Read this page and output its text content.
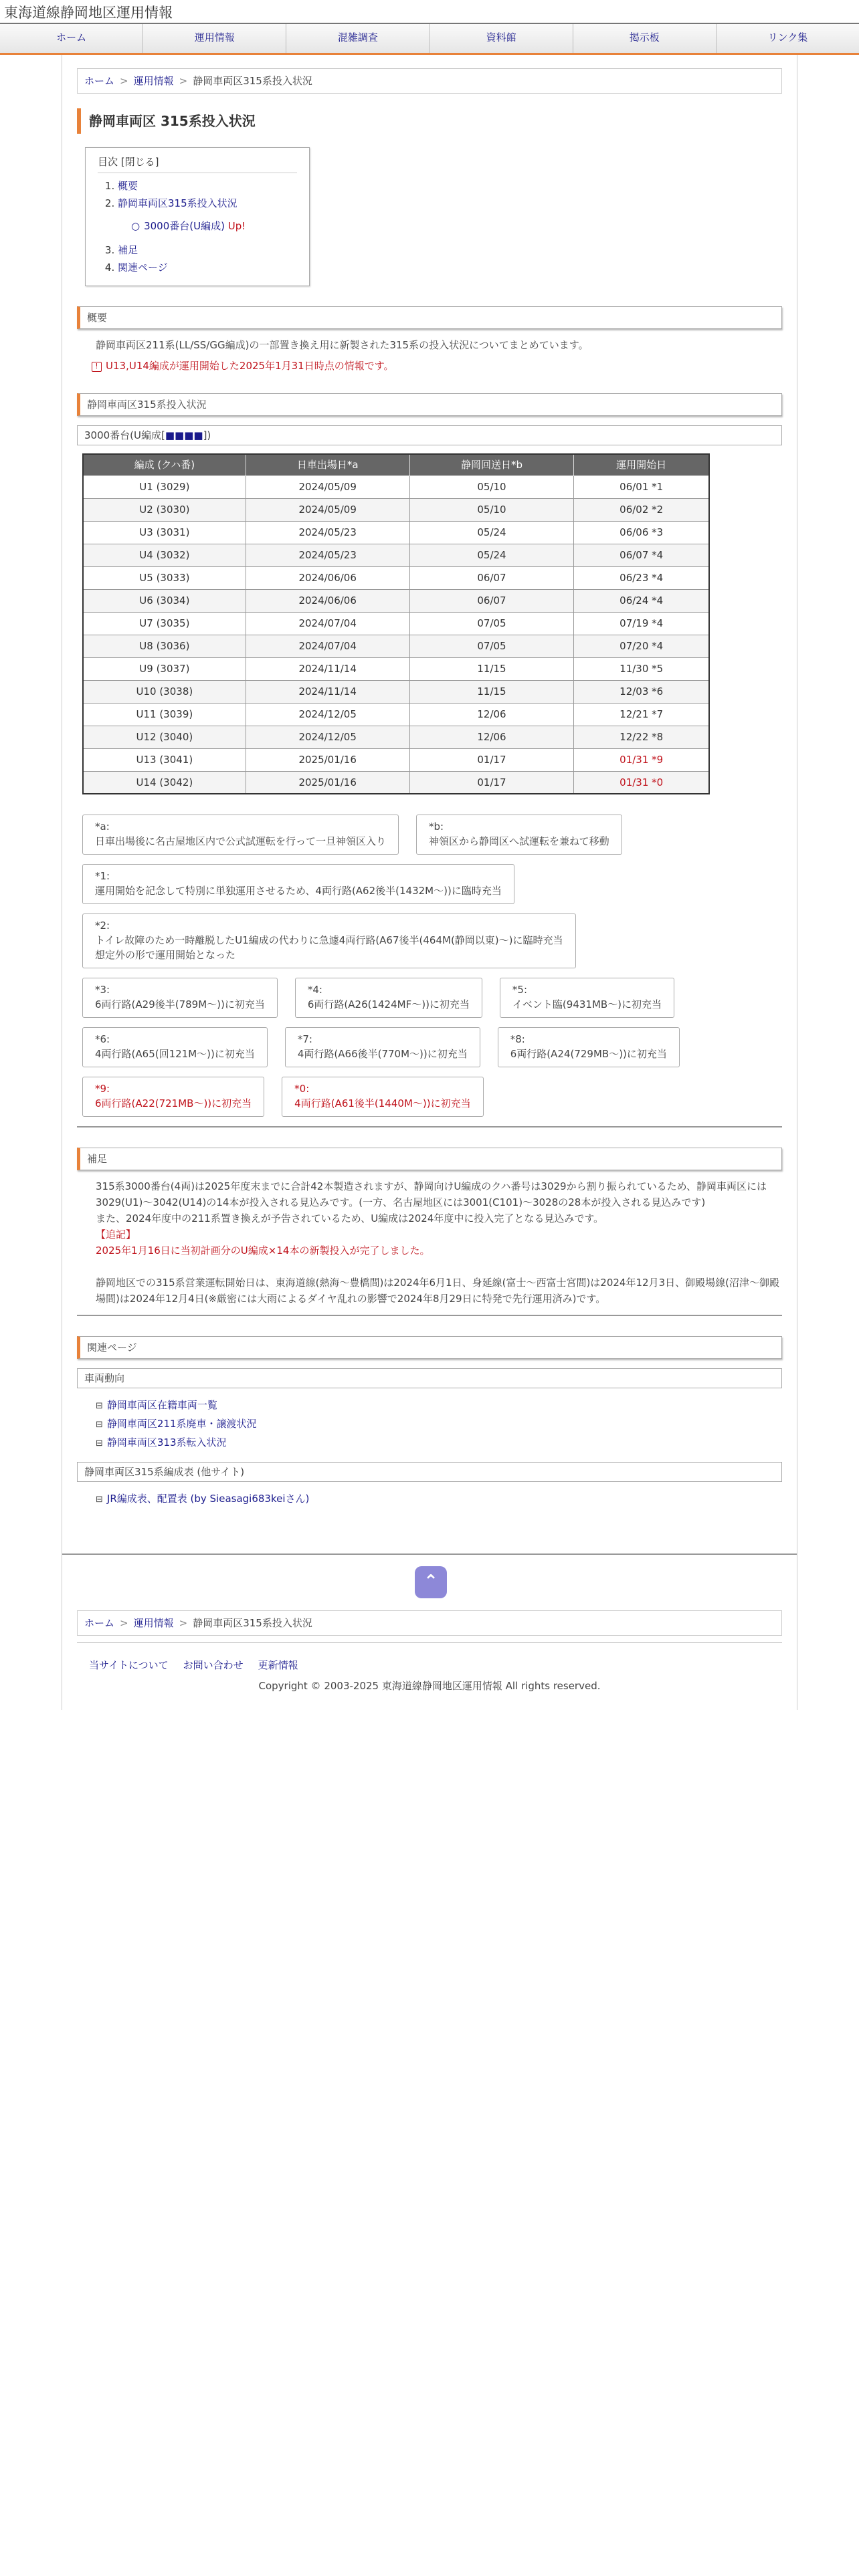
東海道線静岡地区運用情報
ホーム	運用情報	混雑調査	資料館	掲示板	リンク集
ホーム > 運用情報 > 静岡車両区315系投入状況
静岡車両区 315系投入状況
目次 [閉じる]
1. 概要
2. 静岡車両区315系投入状況
○ 3000番台(U編成) Up!
3. 補足
4. 関連ページ
概要
静岡車両区211系(LL/SS/GG編成)の一部置き換え用に新製された315系の投入状況についてまとめています。
! U13,U14編成が運用開始した2025年1月31日時点の情報です。
静岡車両区315系投入状況
3000番台(U編成[■■■■])
編成 (クハ番)	日車出場日*a	静岡回送日*b	運用開始日
U1 (3029)	2024/05/09	05/10	06/01 *1
U2 (3030)	2024/05/09	05/10	06/02 *2
U3 (3031)	2024/05/23	05/24	06/06 *3
U4 (3032)	2024/05/23	05/24	06/07 *4
U5 (3033)	2024/06/06	06/07	06/23 *4
U6 (3034)	2024/06/06	06/07	06/24 *4
U7 (3035)	2024/07/04	07/05	07/19 *4
U8 (3036)	2024/07/04	07/05	07/20 *4
U9 (3037)	2024/11/14	11/15	11/30 *5
U10 (3038)	2024/11/14	11/15	12/03 *6
U11 (3039)	2024/12/05	12/06	12/21 *7
U12 (3040)	2024/12/05	12/06	12/22 *8
U13 (3041)	2025/01/16	01/17	01/31 *9
U14 (3042)	2025/01/16	01/17	01/31 *0
*a:
日車出場後に名古屋地区内で公式試運転を行って一旦神領区入り
*b:
神領区から静岡区へ試運転を兼ねて移動
*1:
運用開始を記念して特別に単独運用させるため、4両行路(A62後半(1432M〜))に臨時充当
*2:
トイレ故障のため一時離脱したU1編成の代わりに急遽4両行路(A67後半(464M(静岡以東)〜)に臨時充当
想定外の形で運用開始となった
*3:
6両行路(A29後半(789M〜))に初充当
*4:
6両行路(A26(1424MF〜))に初充当
*5:
イベント臨(9431MB〜)に初充当
*6:
4両行路(A65(回121M〜))に初充当
*7:
4両行路(A66後半(770M〜))に初充当
*8:
6両行路(A24(729MB〜))に初充当
*9:
6両行路(A22(721MB〜))に初充当
*0:
4両行路(A61後半(1440M〜))に初充当
補足
315系3000番台(4両)は2025年度末までに合計42本製造されますが、静岡向けU編成のクハ番号は3029から割り振られているため、静岡車両区には3029(U1)〜3042(U14)の14本が投入される見込みです。(一方、名古屋地区には3001(C101)〜3028の28本が投入される見込みです)
また、2024年度中の211系置き換えが予告されているため、U編成は2024年度中に投入完了となる見込みです。
【追記】
2025年1月16日に当初計画分のU編成×14本の新製投入が完了しました。
静岡地区での315系営業運転開始日は、東海道線(熱海〜豊橋間)は2024年6月1日、身延線(富士〜西富士宮間)は2024年12月3日、御殿場線(沼津〜御殿場間)は2024年12月4日(※厳密には大雨によるダイヤ乱れの影響で2024年8月29日に特発で先行運用済み)です。
関連ページ
車両動向
⊟ 静岡車両区在籍車両一覧
⊟ 静岡車両区211系廃車・譲渡状況
⊟ 静岡車両区313系転入状況
静岡車両区315系編成表 (他サイト)
⊟ JR編成表、配置表 (by Sieasagi683keiさん)
⌃
ホーム > 運用情報 > 静岡車両区315系投入状況
当サイトについて お問い合わせ 更新情報
Copyright © 2003-2025 東海道線静岡地区運用情報 All rights reserved.
